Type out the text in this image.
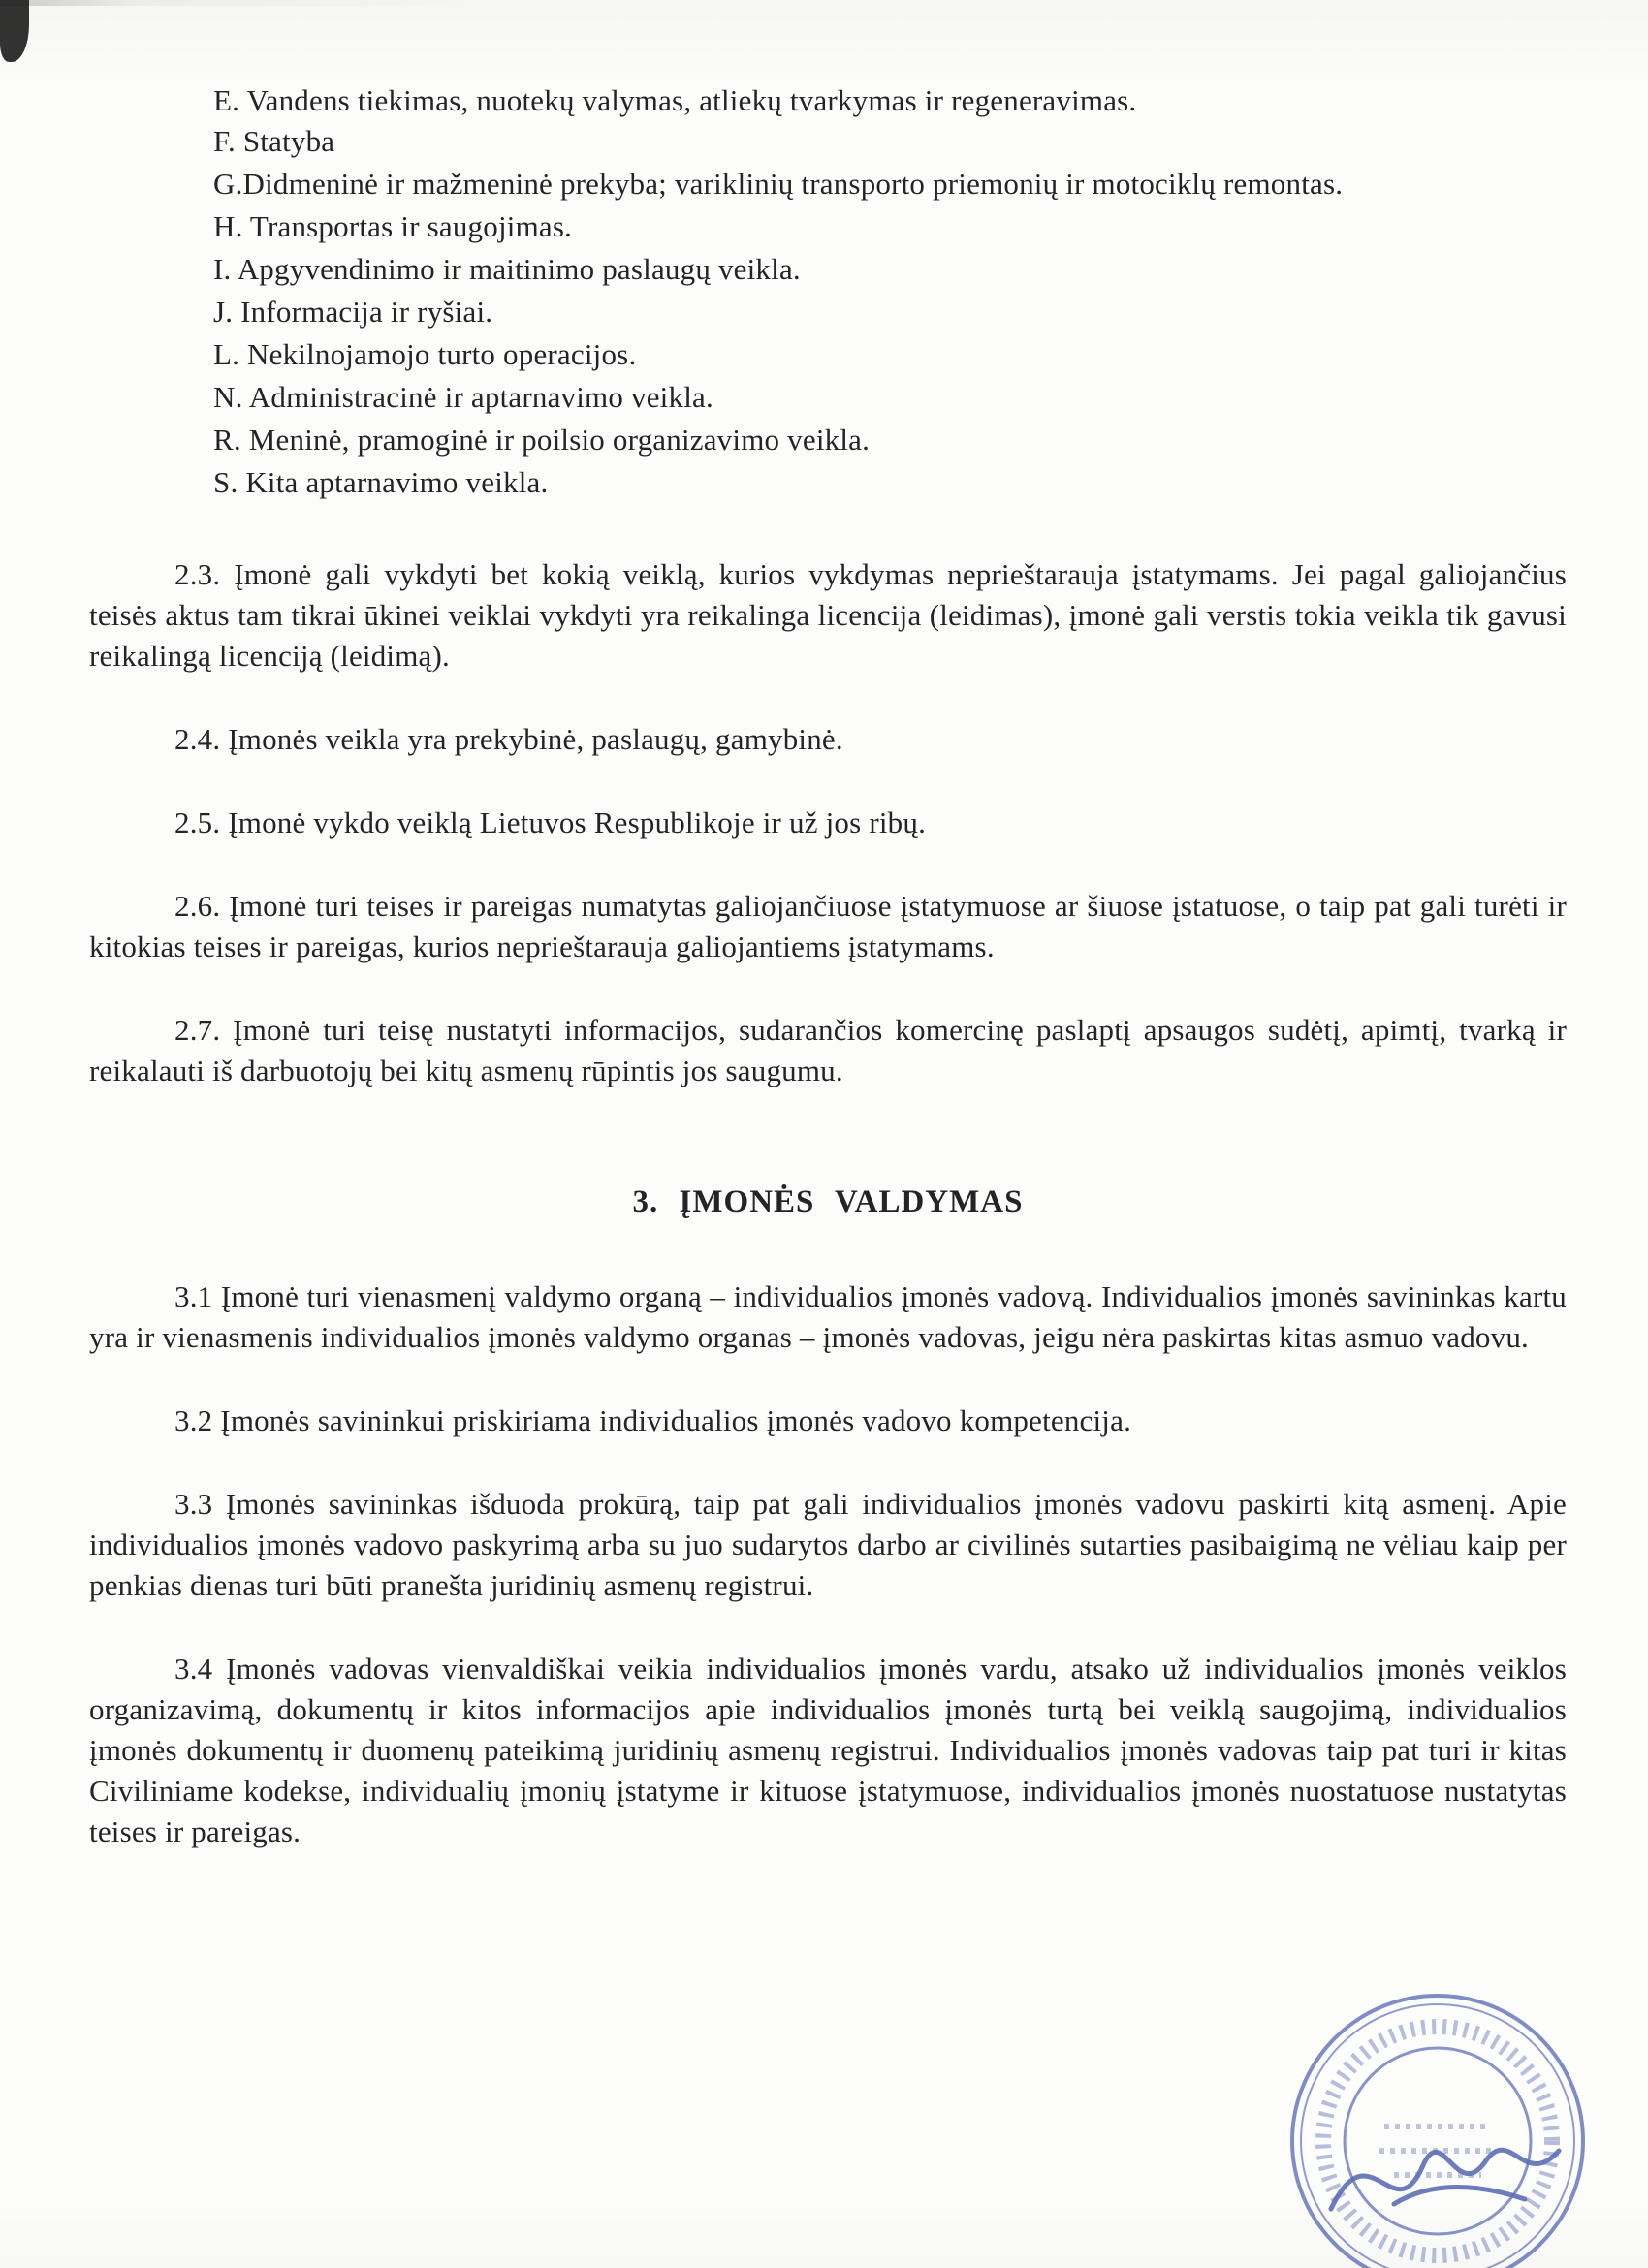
E. Vandens tiekimas, nuotekų valymas, atliekų tvarkymas ir regeneravimas.

F. Statyba

G.Didmeninė ir mažmeninė prekyba; variklinių transporto priemonių ir motociklų remontas.

H. Transportas ir saugojimas.

I. Apgyvendinimo ir maitinimo paslaugų veikla.

J. Informacija ir ryšiai.

L. Nekilnojamojo turto operacijos.

N. Administracinė ir aptarnavimo veikla.

R. Meninė, pramoginė ir poilsio organizavimo veikla.

S. Kita aptarnavimo veikla.

2.3. Įmonė gali vykdyti bet kokią veiklą, kurios vykdymas neprieštarauja įstatymams. Jei pagal galiojančius teisės aktus tam tikrai ūkinei veiklai vykdyti yra reikalinga licencija (leidimas), įmonė gali verstis tokia veikla tik gavusi reikalingą licenciją (leidimą).

2.4. Įmonės veikla yra prekybinė, paslaugų, gamybinė.

2.5. Įmonė vykdo veiklą Lietuvos Respublikoje ir už jos ribų.

2.6. Įmonė turi teises ir pareigas numatytas galiojančiuose įstatymuose ar šiuose įstatuose, o taip pat gali turėti ir kitokias teises ir pareigas, kurios neprieštarauja galiojantiems įstatymams.

2.7. Įmonė turi teisę nustatyti informacijos, sudarančios komercinę paslaptį apsaugos sudėtį, apimtį, tvarką ir reikalauti iš darbuotojų bei kitų asmenų rūpintis jos saugumu.

3. ĮMONĖS VALDYMAS

3.1 Įmonė turi vienasmenį valdymo organą – individualios įmonės vadovą. Individualios įmonės savininkas kartu yra ir vienasmenis individualios įmonės valdymo organas – įmonės vadovas, jeigu nėra paskirtas kitas asmuo vadovu.

3.2 Įmonės savininkui priskiriama individualios įmonės vadovo kompetencija.

3.3 Įmonės savininkas išduoda prokūrą, taip pat gali individualios įmonės vadovu paskirti kitą asmenį. Apie individualios įmonės vadovo paskyrimą arba su juo sudarytos darbo ar civilinės sutarties pasibaigimą ne vėliau kaip per penkias dienas turi būti pranešta juridinių asmenų registrui.

3.4 Įmonės vadovas vienvaldiškai veikia individualios įmonės vardu, atsako už individualios įmonės veiklos organizavimą, dokumentų ir kitos informacijos apie individualios įmonės turtą bei veiklą saugojimą, individualios įmonės dokumentų ir duomenų pateikimą juridinių asmenų registrui. Individualios įmonės vadovas taip pat turi ir kitas Civiliniame kodekse, individualių įmonių įstatyme ir kituose įstatymuose, individualios įmonės nuostatuose nustatytas teises ir pareigas.
